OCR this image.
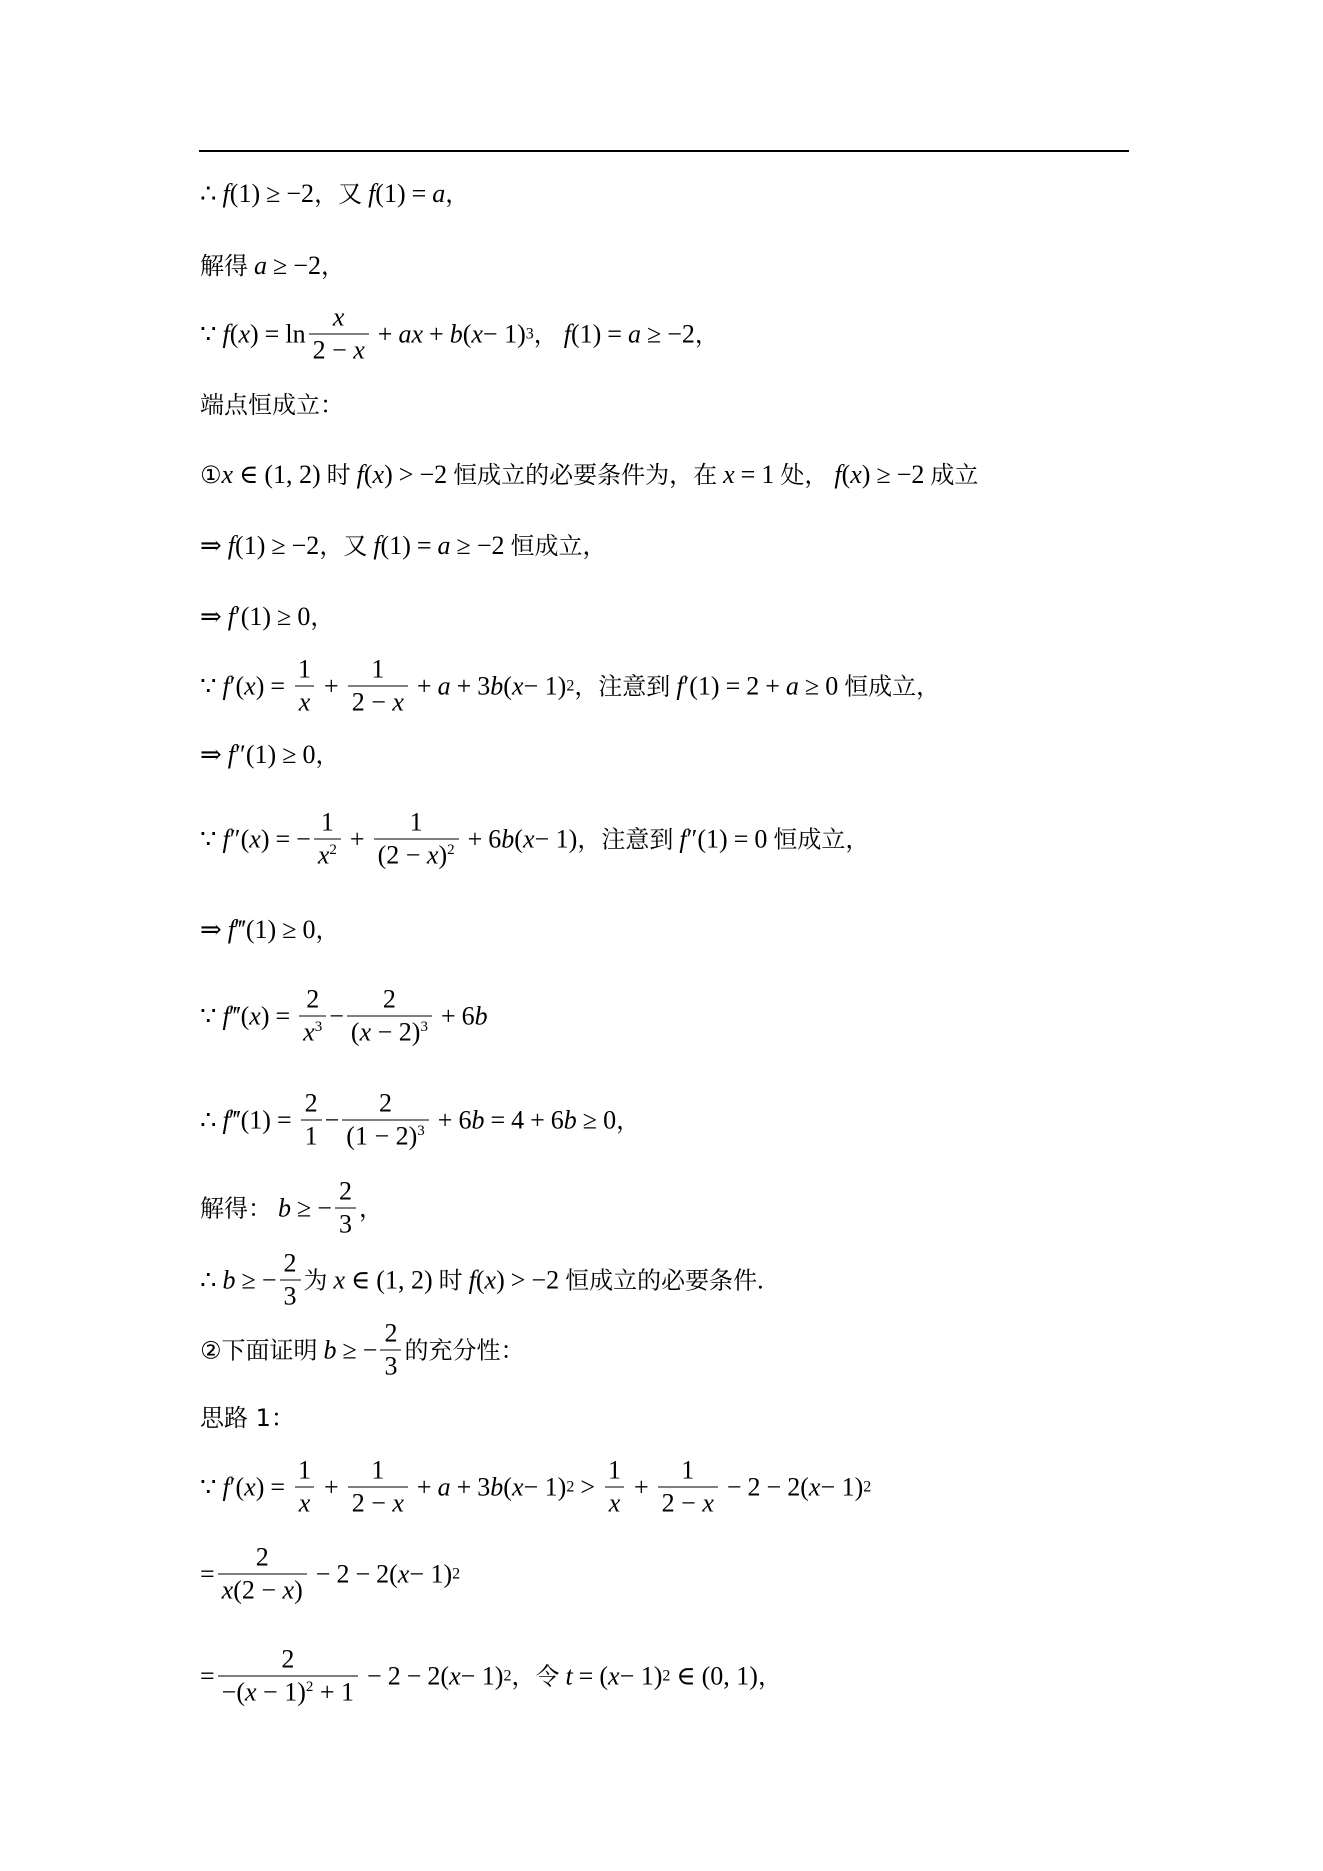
∴ f (1) ≥ −2 ， 又 f (1) = a ，
解得 a ≥ −2 ，
∵ f ( x ) = $\ln \frac{x}{2 - x}$ + ax + b ( x − 1) 3 ， f (1) = a ≥ −2 ，
端点恒成立：
① x ∈ (1, 2) 时 f ( x ) > −2 恒成立的必要条件为，在 x = 1 处， f ( x ) ≥ −2 成立
⇒ f (1) ≥ −2 ， 又 f (1) = a ≥ −2 恒成立，
⇒ f ′(1) ≥ 0 ，
∵ f ′( x ) = $\frac{1}{x} + \frac{1}{2 - x} + a + 3$ b ( x − 1) 2 ，注意到 f ′(1) = 2 + a ≥ 0 恒成立，
⇒ f ″(1) ≥ 0 ，
∵ f ″( x ) = − $\frac{1}{x^2} + \frac{1}{(2 - x)^2} + 6$ b ( x − 1) ，注意到 f ″(1) = 0 恒成立，
⇒ f ‴(1) ≥ 0 ，
∵ f ‴( x ) = $\frac{2}{x^3} - \frac{2}{(x - 2)^3} + 6$ b
∴ f ‴(1) = $\frac{2}{1} - \frac{2}{(1 - 2)^3} + 6$ b = 4 + 6 b ≥ 0 ，
解得： b ≥ − $\frac{2}{3}$ ，
∴ b ≥ − $\frac{2}{3}$ 为 x ∈ (1, 2) 时 f ( x ) > −2 恒成立的必要条件 .
② 下面证明 b ≥ − $\frac{2}{3}$ 的充分性：
思路 1：
∵ f ′( x ) = $\frac{1}{x} + \frac{1}{2 - x} + a + 3$ b ( x − 1) $2 > \frac{1}{x} + \frac{1}{2 - x} - 2 - 2$( x − 1) 2
= $\frac{2}{x(2 - x)} - 2 - 2$( x − 1) 2
= $\frac{2}{-(x - 1)^2 + 1} - 2 - 2$( x − 1) 2 ，令 t = ( x − 1) 2 ∈ (0, 1) ，
